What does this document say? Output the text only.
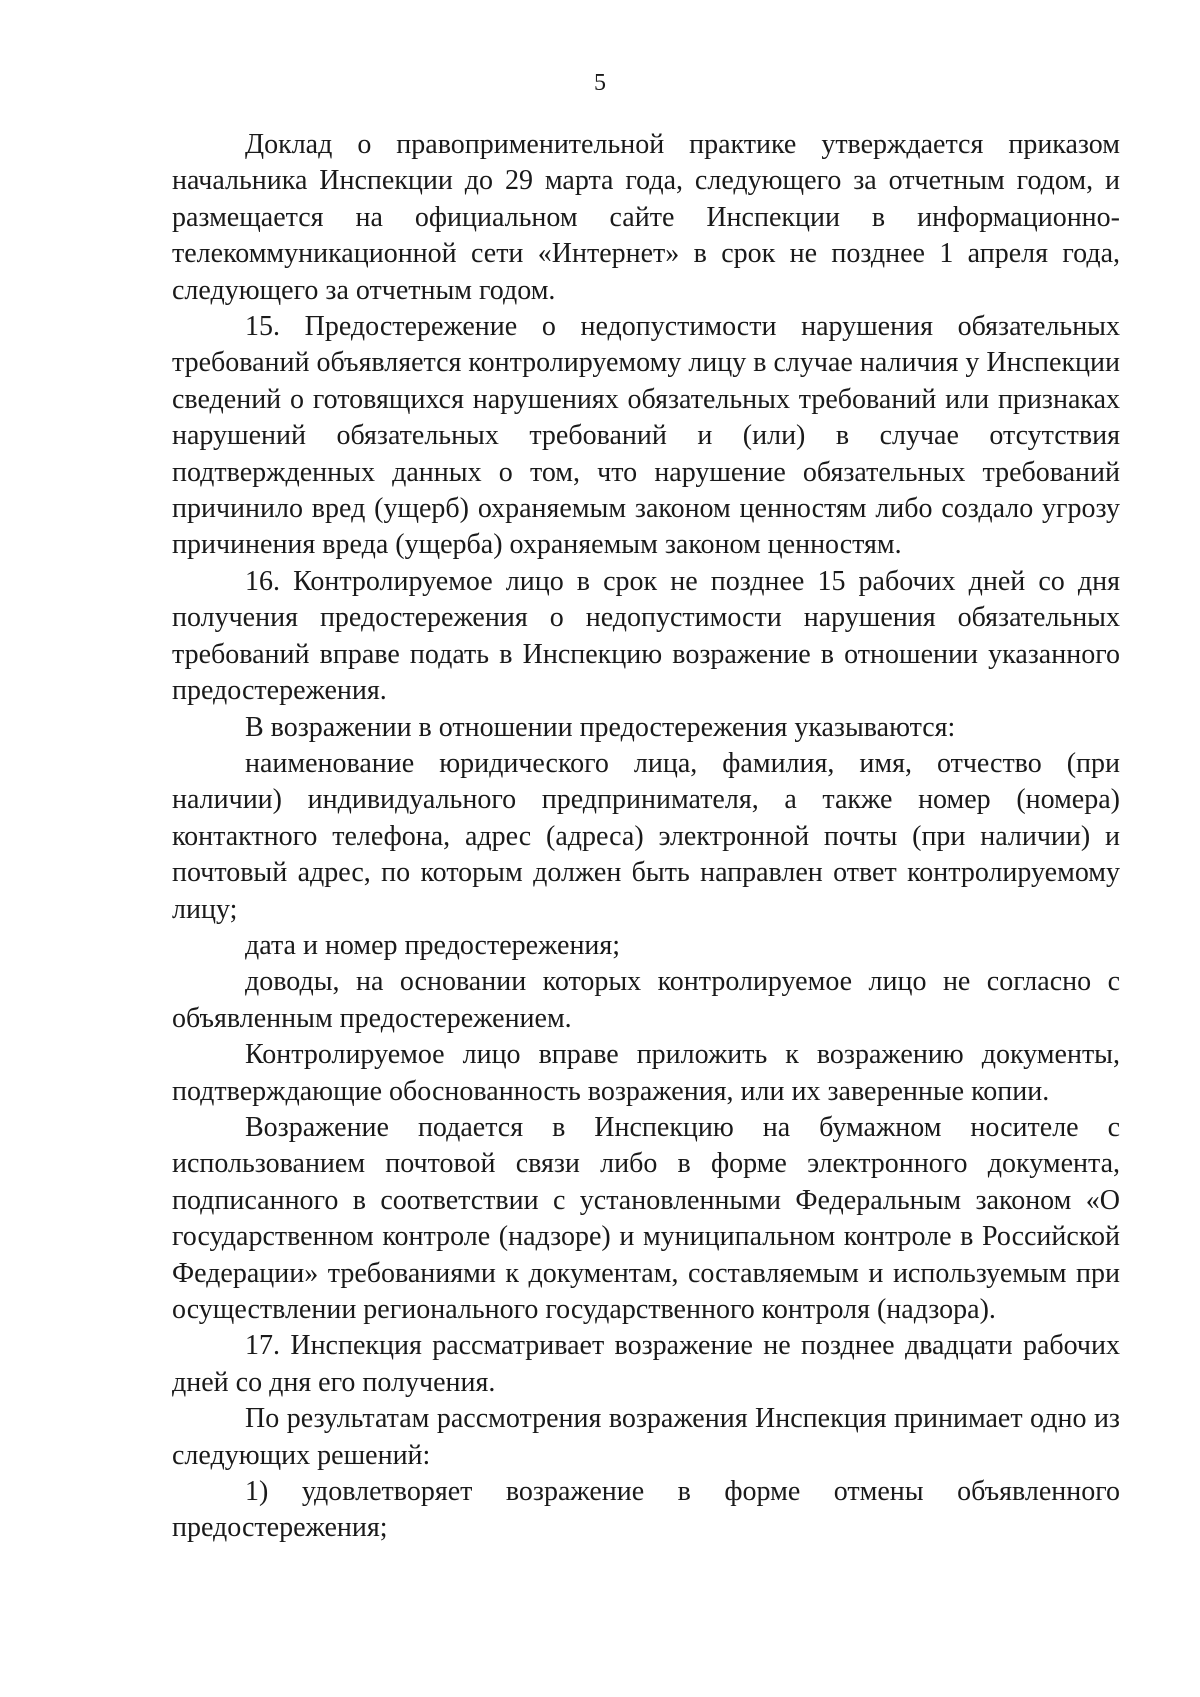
5

Доклад о правоприменительной практике утверждается приказом начальника Инспекции до 29 марта года, следующего за отчетным годом, и размещается на официальном сайте Инспекции в информационно-телекоммуникационной сети «Интернет» в срок не позднее 1 апреля года, следующего за отчетным годом.

15. Предостережение о недопустимости нарушения обязательных требований объявляется контролируемому лицу в случае наличия у Инспекции сведений о готовящихся нарушениях обязательных требований или признаках нарушений обязательных требований и (или) в случае отсутствия подтвержденных данных о том, что нарушение обязательных требований причинило вред (ущерб) охраняемым законом ценностям либо создало угрозу причинения вреда (ущерба) охраняемым законом ценностям.

16. Контролируемое лицо в срок не позднее 15 рабочих дней со дня получения предостережения о недопустимости нарушения обязательных требований вправе подать в Инспекцию возражение в отношении указанного предостережения.

В возражении в отношении предостережения указываются:

наименование юридического лица, фамилия, имя, отчество (при наличии) индивидуального предпринимателя, а также номер (номера) контактного телефона, адрес (адреса) электронной почты (при наличии) и почтовый адрес, по которым должен быть направлен ответ контролируемому лицу;

дата и номер предостережения;

доводы, на основании которых контролируемое лицо не согласно с объявленным предостережением.

Контролируемое лицо вправе приложить к возражению документы, подтверждающие обоснованность возражения, или их заверенные копии.

Возражение подается в Инспекцию на бумажном носителе с использованием почтовой связи либо в форме электронного документа, подписанного в соответствии с установленными Федеральным законом «О государственном контроле (надзоре) и муниципальном контроле в Российской Федерации» требованиями к документам, составляемым и используемым при осуществлении регионального государственного контроля (надзора).

17. Инспекция рассматривает возражение не позднее двадцати рабочих дней со дня его получения.

По результатам рассмотрения возражения Инспекция принимает одно из следующих решений:

1) удовлетворяет возражение в форме отмены объявленного предостережения;
